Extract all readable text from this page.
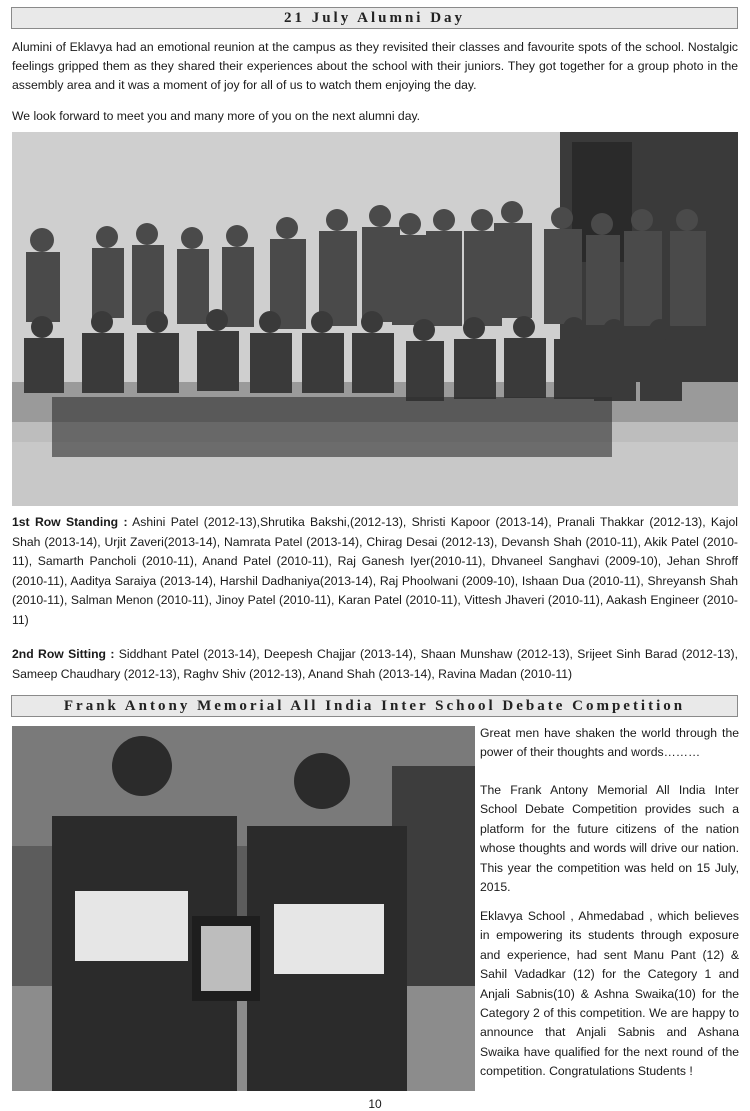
21 July Alumni Day

Alumini of Eklavya had an emotional reunion at the campus as they revisited their classes and favourite spots of the school. Nostalgic feelings gripped them as they shared their experiences about the school with their juniors. They got together for a group photo in the assembly area and it was a moment of joy for all of us to watch them enjoying the day.

We look forward to meet you and many more of you on the next alumni day.

1st Row Standing : Ashini Patel (2012-13),Shrutika Bakshi,(2012-13), Shristi Kapoor (2013-14), Pranali Thakkar (2012-13), Kajol Shah (2013-14), Urjit Zaveri(2013-14), Namrata Patel (2013-14), Chirag Desai (2012-13), Devansh Shah (2010-11), Akik Patel (2010-11), Samarth Pancholi (2010-11), Anand Patel (2010-11), Raj Ganesh Iyer(2010-11), Dhvaneel Sanghavi (2009-10), Jehan Shroff (2010-11), Aaditya Saraiya (2013-14), Harshil Dadhaniya(2013-14), Raj Phoolwani (2009-10), Ishaan Dua (2010-11), Shreyansh Shah (2010-11), Salman Menon (2010-11), Jinoy Patel (2010-11), Karan Patel (2010-11), Vittesh Jhaveri (2010-11), Aakash Engineer (2010-11)

2nd Row Sitting : Siddhant Patel (2013-14), Deepesh Chajjar (2013-14), Shaan Munshaw (2012-13), Srijeet Sinh Barad (2012-13), Sameep Chaudhary (2012-13), Raghv Shiv (2012-13), Anand Shah (2013-14), Ravina Madan (2010-11)

Frank Antony Memorial All India Inter School Debate Competition

Great men have shaken the world through the power of their thoughts and words………

The Frank Antony Memorial All India Inter School Debate Competition provides such a platform for the future citizens of the nation whose thoughts and words will drive our nation. This year the competition was held on 15 July, 2015.

Eklavya School , Ahmedabad , which believes in empowering its students through exposure and experience, had sent Manu Pant (12) & Sahil Vadadkar (12) for the Category 1 and Anjali Sabnis(10) & Ashna Swaika(10) for the Category 2 of this competition. We are happy to announce that Anjali Sabnis and Ashana Swaika have qualified for the next round of the competition. Congratulations Students !

10
